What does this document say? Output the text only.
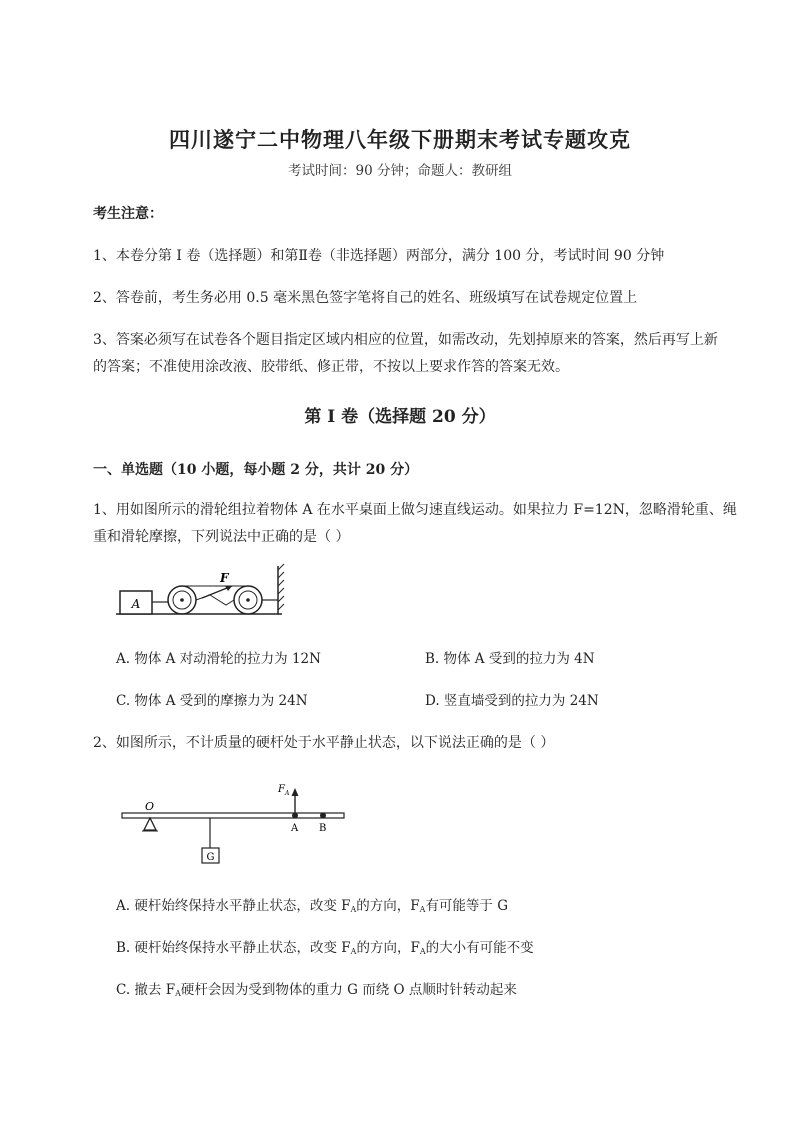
四川遂宁二中物理八年级下册期末考试专题攻克
考试时间：90 分钟；命题人：教研组
考生注意：
1、本卷分第 I 卷（选择题）和第Ⅱ卷（非选择题）两部分，满分 100 分，考试时间 90 分钟
2、答卷前，考生务必用 0.5 毫米黑色签字笔将自己的姓名、班级填写在试卷规定位置上
3、答案必须写在试卷各个题目指定区域内相应的位置，如需改动，先划掉原来的答案，然后再写上新
的答案；不准使用涂改液、胶带纸、修正带，不按以上要求作答的答案无效。
第 I 卷（选择题 20 分）
一、单选题（10 小题，每小题 2 分，共计 20 分）
1、用如图所示的滑轮组拉着物体 A 在水平桌面上做匀速直线运动。如果拉力 F=12N，忽略滑轮重、绳
重和滑轮摩擦，下列说法中正确的是（ ）
A
F
A. 物体 A 对动滑轮的拉力为 12N	B. 物体 A 受到的拉力为 4N
C. 物体 A 受到的摩擦力为 24N	D. 竖直墙受到的拉力为 24N
2、如图所示，不计质量的硬杆处于水平静止状态，以下说法正确的是（ ）
O
G
$F_A$
A B
A. 硬杆始终保持水平静止状态，改变 $F_A$的方向，$F_A$有可能等于 G
B. 硬杆始终保持水平静止状态，改变 $F_A$的方向，$F_A$的大小有可能不变
C. 撤去 $F_A$硬杆会因为受到物体的重力 G 而绕 O 点顺时针转动起来
